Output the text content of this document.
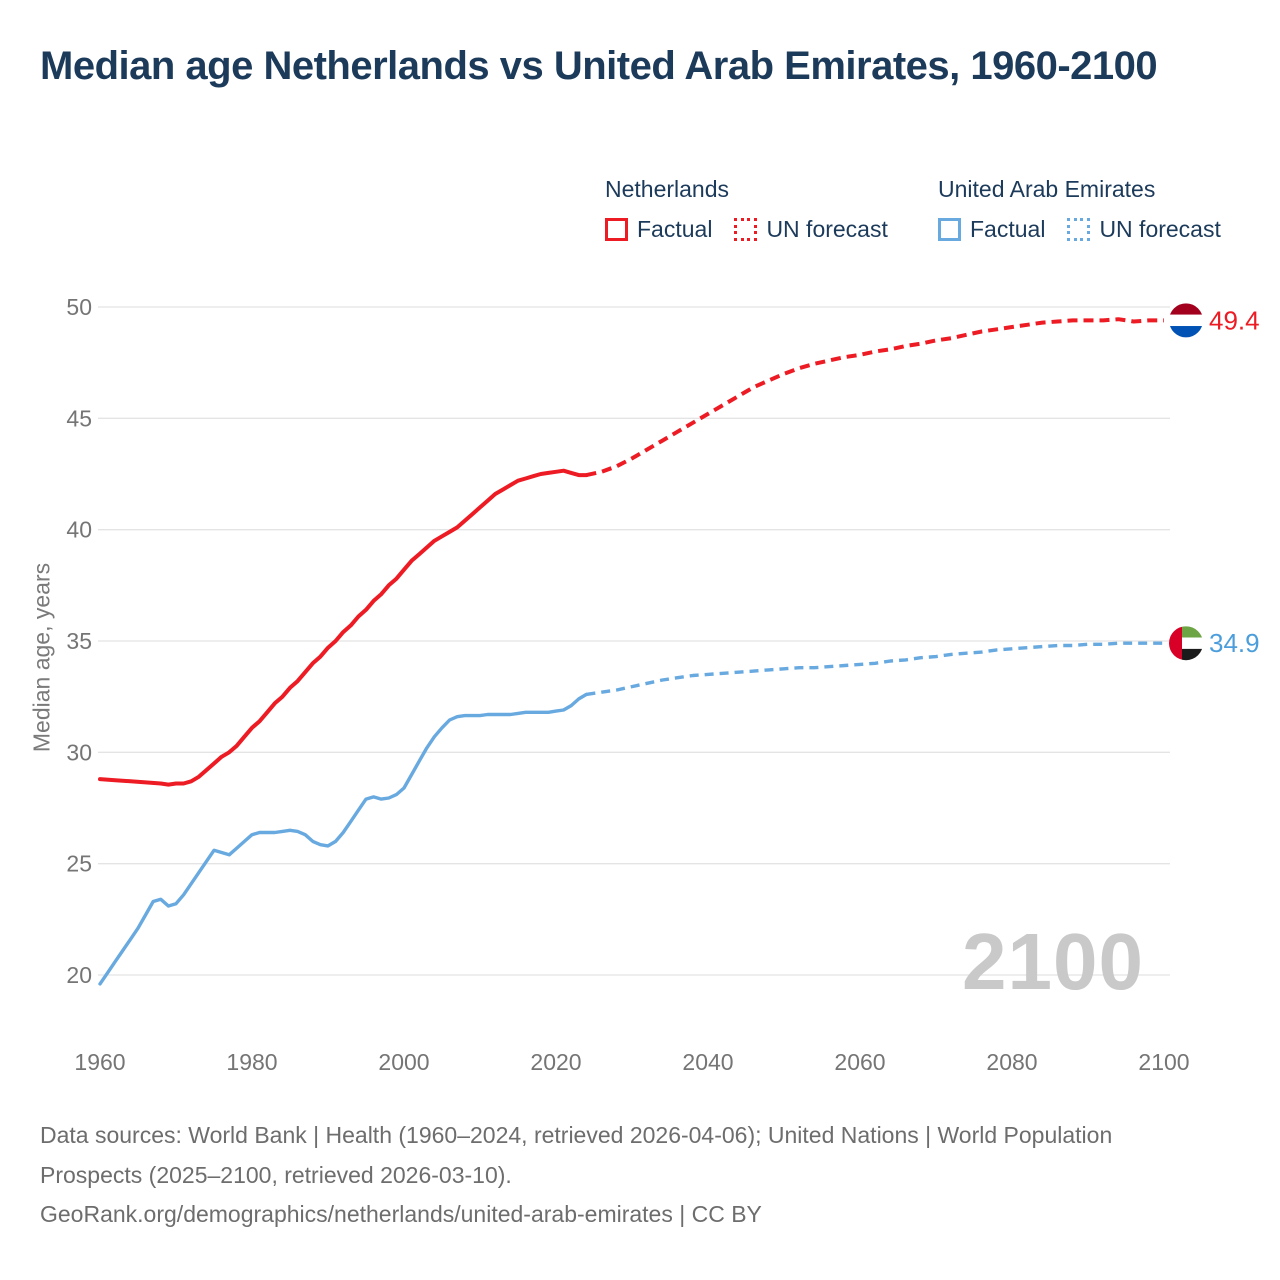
Median age Netherlands vs United Arab Emirates, 1960-2100
Netherlands
Factual UN forecast
United Arab Emirates
Factual UN forecast
Median age, years
2100
50
45
40
35
30
25
20
1960	1980	2000	2020	2040	2060	2080	2100
49.4
34.9
Data sources: World Bank | Health (1960–2024, retrieved 2026-04-06); United Nations | World Population Prospects (2025–2100, retrieved 2026-03-10).
GeoRank.org/demographics/netherlands/united-arab-emirates | CC BY
